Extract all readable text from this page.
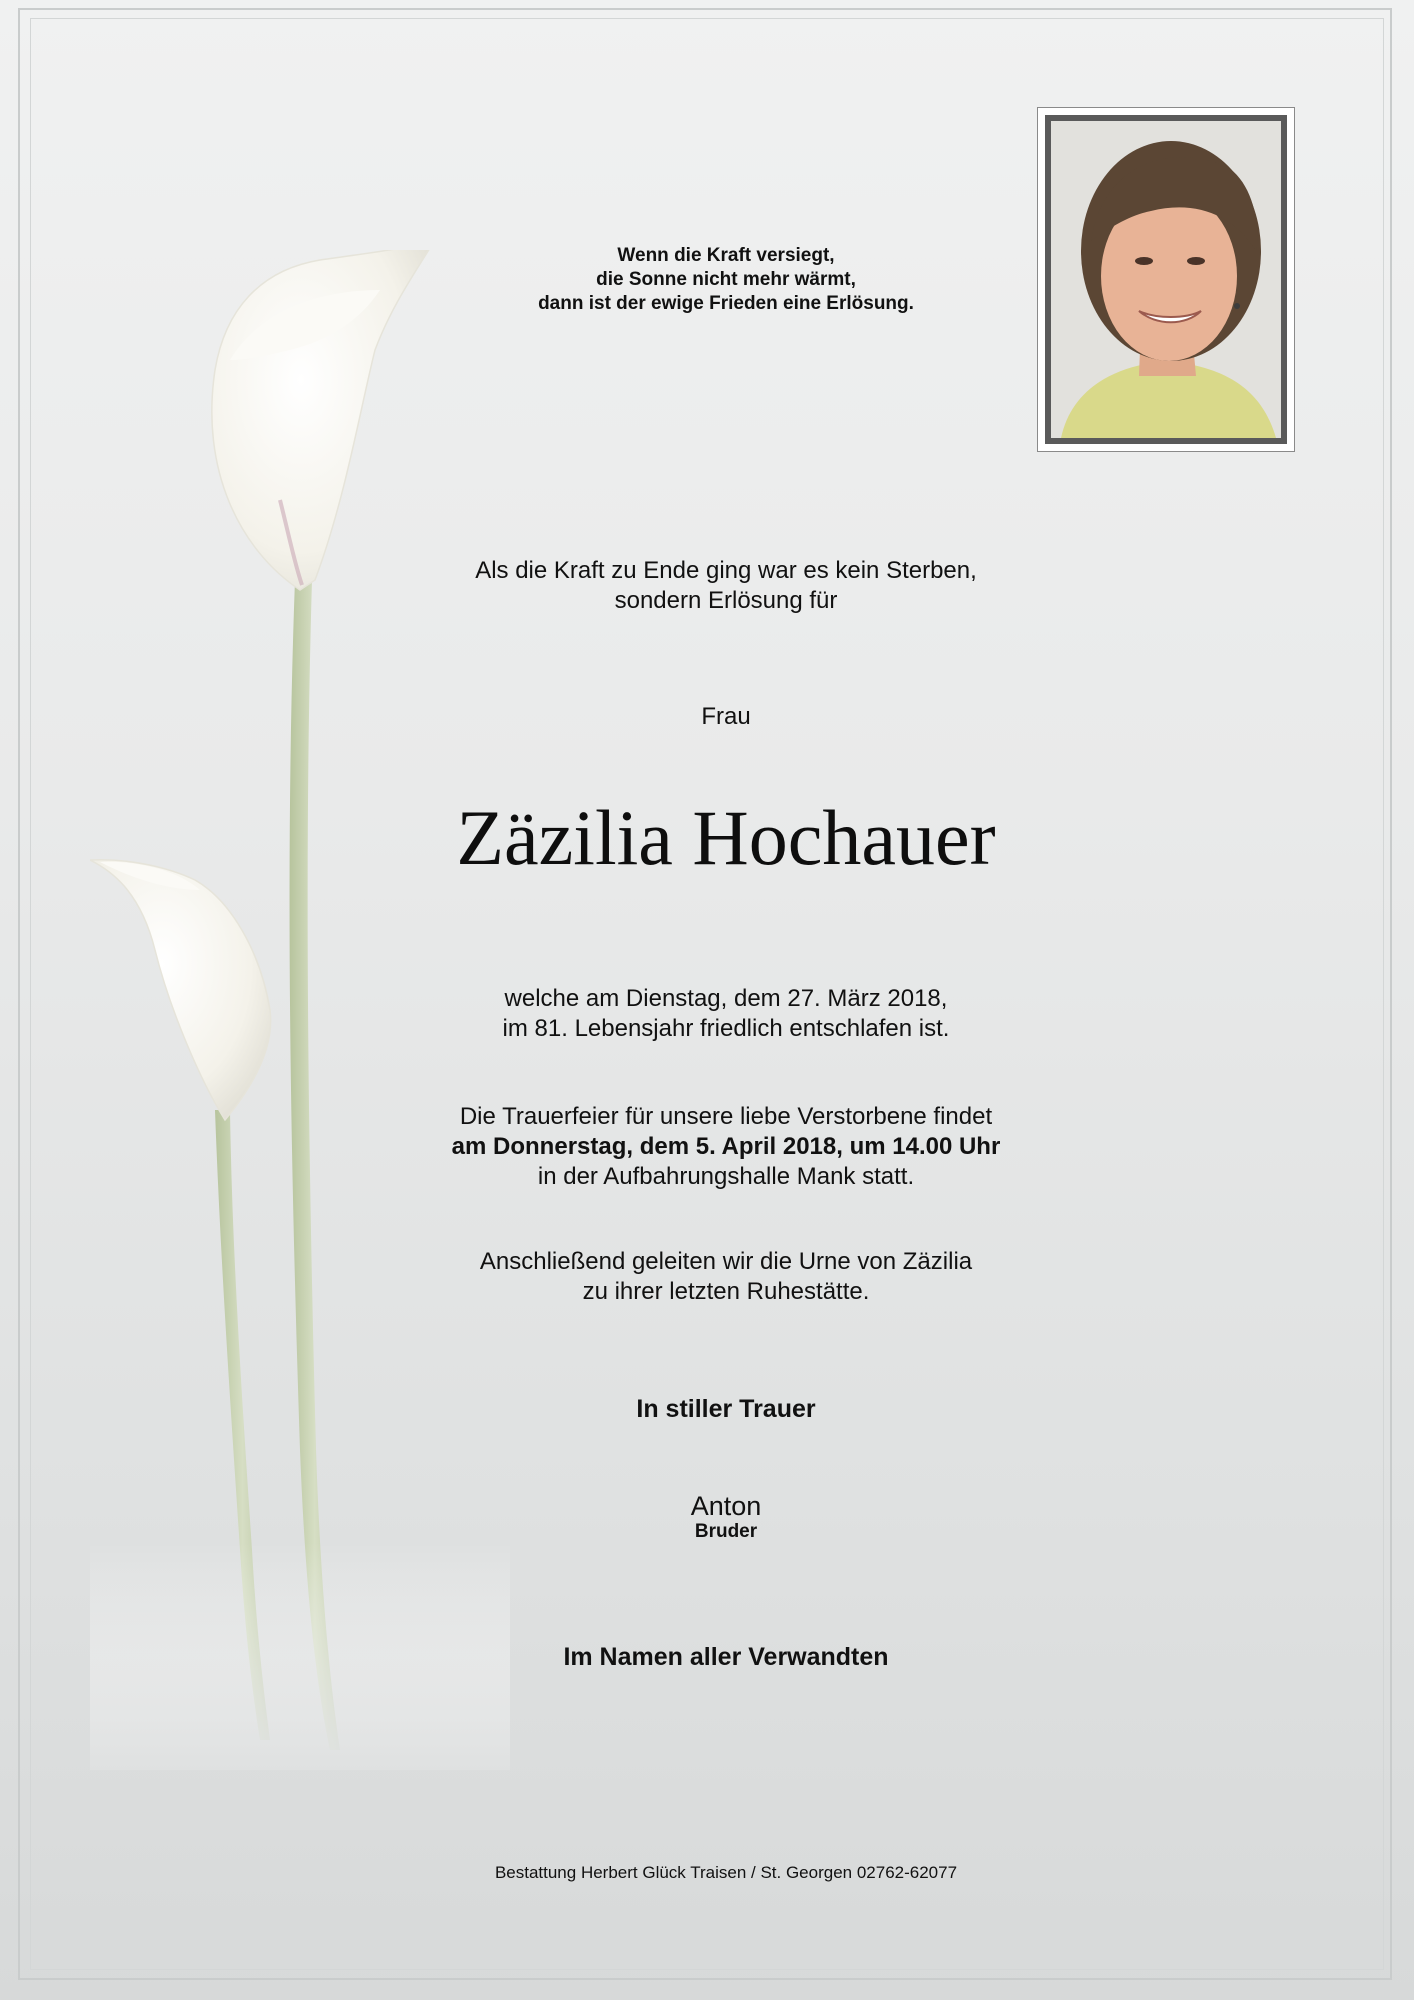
Wenn die Kraft versiegt,
die Sonne nicht mehr wärmt,
dann ist der ewige Frieden eine Erlösung.

Als die Kraft zu Ende ging war es kein Sterben,
sondern Erlösung für

Frau

Zäzilia Hochauer

welche am Dienstag, dem 27. März 2018,
im 81. Lebensjahr friedlich entschlafen ist.

Die Trauerfeier für unsere liebe Verstorbene findet
am Donnerstag, dem 5. April 2018, um 14.00 Uhr
in der Aufbahrungshalle Mank statt.

Anschließend geleiten wir die Urne von Zäzilia
zu ihrer letzten Ruhestätte.

In stiller Trauer

Anton

Bruder

Im Namen aller Verwandten

Bestattung Herbert Glück Traisen / St. Georgen 02762-62077
